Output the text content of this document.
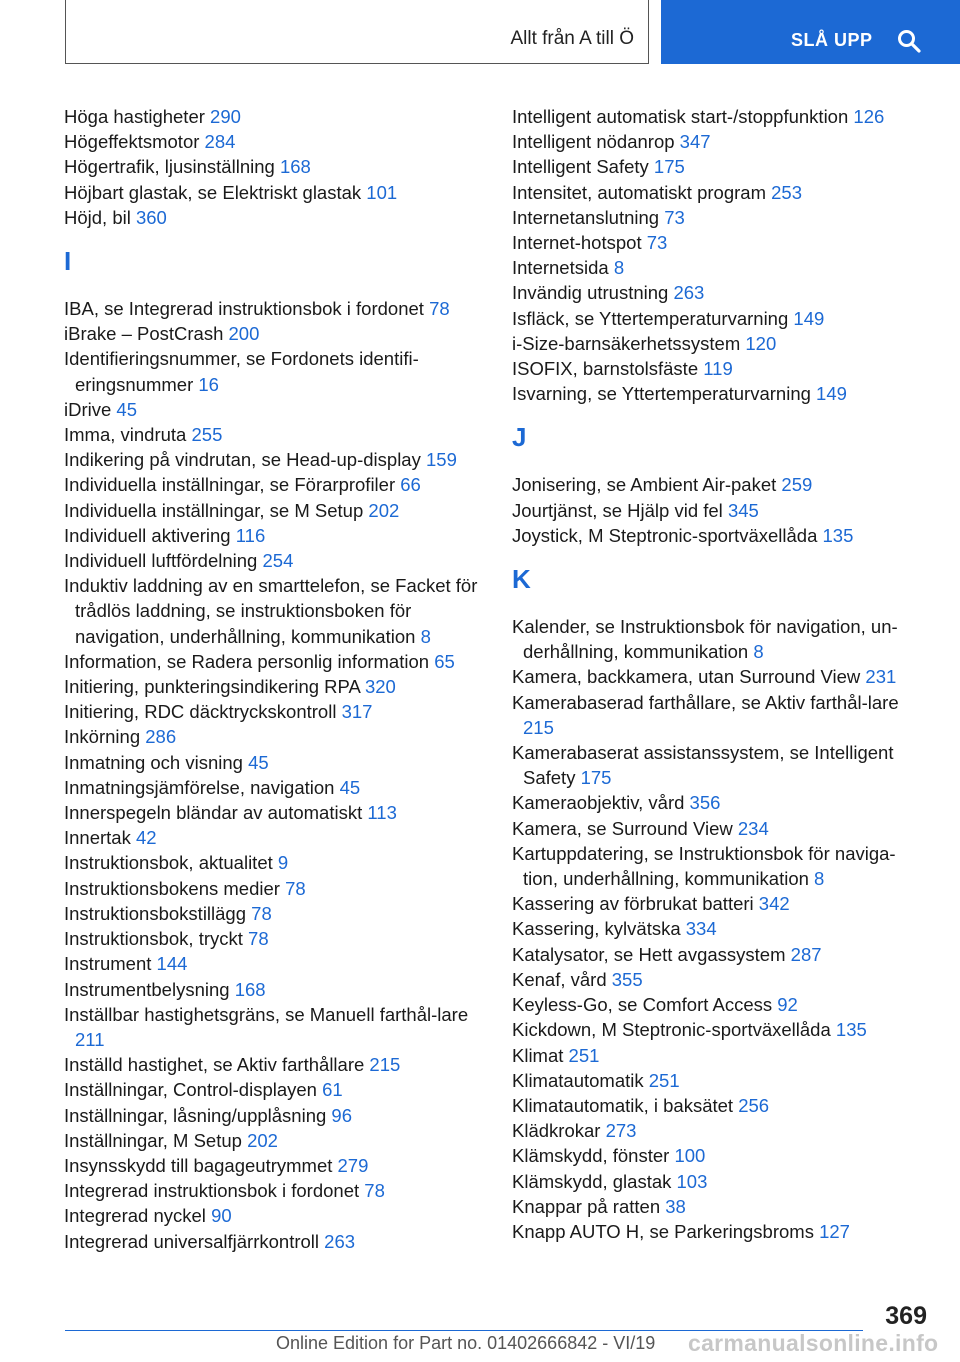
Allt från A till Ö	SLÅ UPP
Höga hastigheter 290
Högeffektsmotor 284
Högertrafik, ljusinställning 168
Höjbart glastak, se Elektriskt glastak 101
Höjd, bil 360
I
IBA, se Integrerad instruktionsbok i fordonet 78
iBrake – PostCrash 200
Identifieringsnummer, se Fordonets identifi-eringsnummer 16
iDrive 45
Imma, vindruta 255
Indikering på vindrutan, se Head-up-display 159
Individuella inställningar, se Förarprofiler 66
Individuella inställningar, se M Setup 202
Individuell aktivering 116
Individuell luftfördelning 254
Induktiv laddning av en smarttelefon, se Facket för trådlös laddning, se instruktionsboken för navigation, underhållning, kommunikation 8
Information, se Radera personlig information 65
Initiering, punkteringsindikering RPA 320
Initiering, RDC däcktryckskontroll 317
Inkörning 286
Inmatning och visning 45
Inmatningsjämförelse, navigation 45
Innerspegeln bländar av automatiskt 113
Innertak 42
Instruktionsbok, aktualitet 9
Instruktionsbokens medier 78
Instruktionsbokstillägg 78
Instruktionsbok, tryckt 78
Instrument 144
Instrumentbelysning 168
Inställbar hastighetsgräns, se Manuell farthål-lare 211
Inställd hastighet, se Aktiv farthållare 215
Inställningar, Control-displayen 61
Inställningar, låsning/upplåsning 96
Inställningar, M Setup 202
Insynsskydd till bagageutrymmet 279
Integrerad instruktionsbok i fordonet 78
Integrerad nyckel 90
Integrerad universalfjärrkontroll 263
Intelligent automatisk start-/stoppfunktion 126
Intelligent nödanrop 347
Intelligent Safety 175
Intensitet, automatiskt program 253
Internetanslutning 73
Internet-hotspot 73
Internetsida 8
Invändig utrustning 263
Isfläck, se Yttertemperaturvarning 149
i-Size-barnsäkerhetssystem 120
ISOFIX, barnstolsfäste 119
Isvarning, se Yttertemperaturvarning 149
J
Jonisering, se Ambient Air-paket 259
Jourtjänst, se Hjälp vid fel 345
Joystick, M Steptronic-sportväxellåda 135
K
Kalender, se Instruktionsbok för navigation, un-derhållning, kommunikation 8
Kamera, backkamera, utan Surround View 231
Kamerabaserad farthållare, se Aktiv farthål-lare 215
Kamerabaserat assistanssystem, se Intelligent Safety 175
Kameraobjektiv, vård 356
Kamera, se Surround View 234
Kartuppdatering, se Instruktionsbok för naviga-tion, underhållning, kommunikation 8
Kassering av förbrukat batteri 342
Kassering, kylvätska 334
Katalysator, se Hett avgassystem 287
Kenaf, vård 355
Keyless-Go, se Comfort Access 92
Kickdown, M Steptronic-sportväxellåda 135
Klimat 251
Klimatautomatik 251
Klimatautomatik, i baksätet 256
Klädkrokar 273
Klämskydd, fönster 100
Klämskydd, glastak 103
Knappar på ratten 38
Knapp AUTO H, se Parkeringsbroms 127
369
Online Edition for Part no. 01402666842 - VI/19 carmanualsonline.info
